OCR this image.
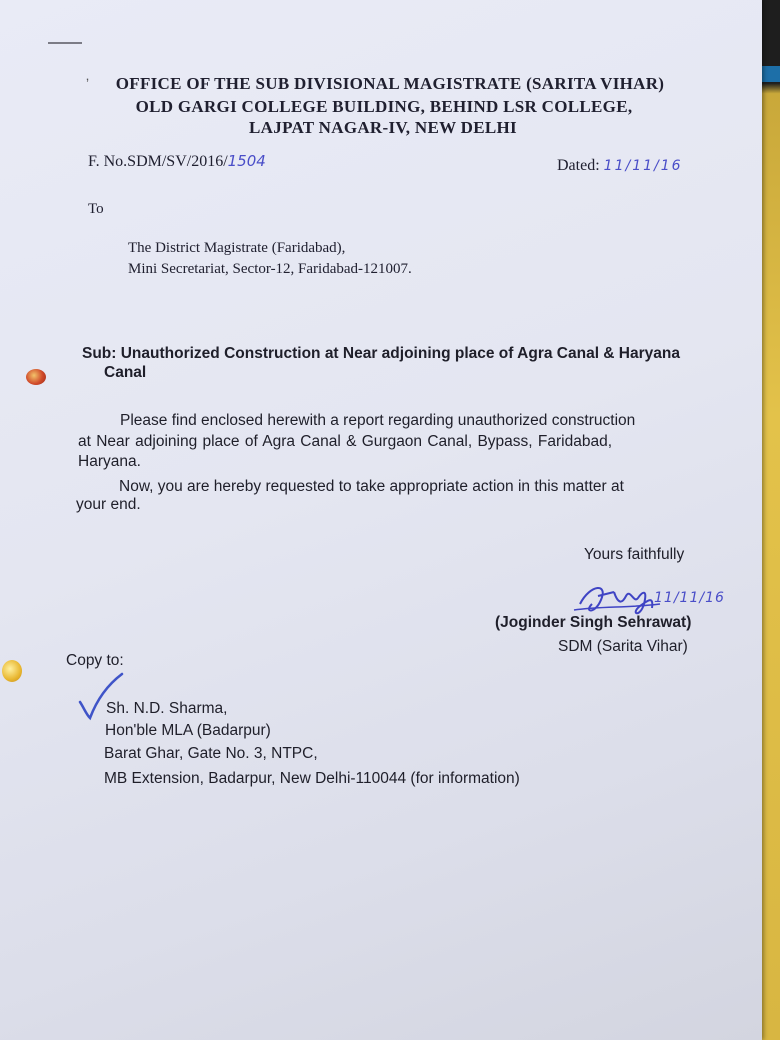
ʼ	OFFICE OF THE SUB DIVISIONAL MAGISTRATE (SARITA VIHAR)
OLD GARGI COLLEGE BUILDING, BEHIND LSR COLLEGE,
LAJPAT NAGAR-IV, NEW DELHI
F. No.SDM/SV/2016/1504	Dated: 11/11/16
To
The District Magistrate (Faridabad),
Mini Secretariat, Sector-12, Faridabad-121007.
Sub: Unauthorized Construction at Near adjoining place of Agra Canal & Haryana
Canal
Please find enclosed herewith a report regarding unauthorized construction
at Near adjoining place of Agra Canal & Gurgaon Canal, Bypass, Faridabad,
Haryana.
Now, you are hereby requested to take appropriate action in this matter at
your end.
Yours faithfully
11/11/16
(Joginder Singh Sehrawat)
SDM (Sarita Vihar)
Copy to:
Sh. N.D. Sharma,
Hon'ble MLA (Badarpur)
Barat Ghar, Gate No. 3, NTPC,
MB Extension, Badarpur, New Delhi-110044 (for information)
